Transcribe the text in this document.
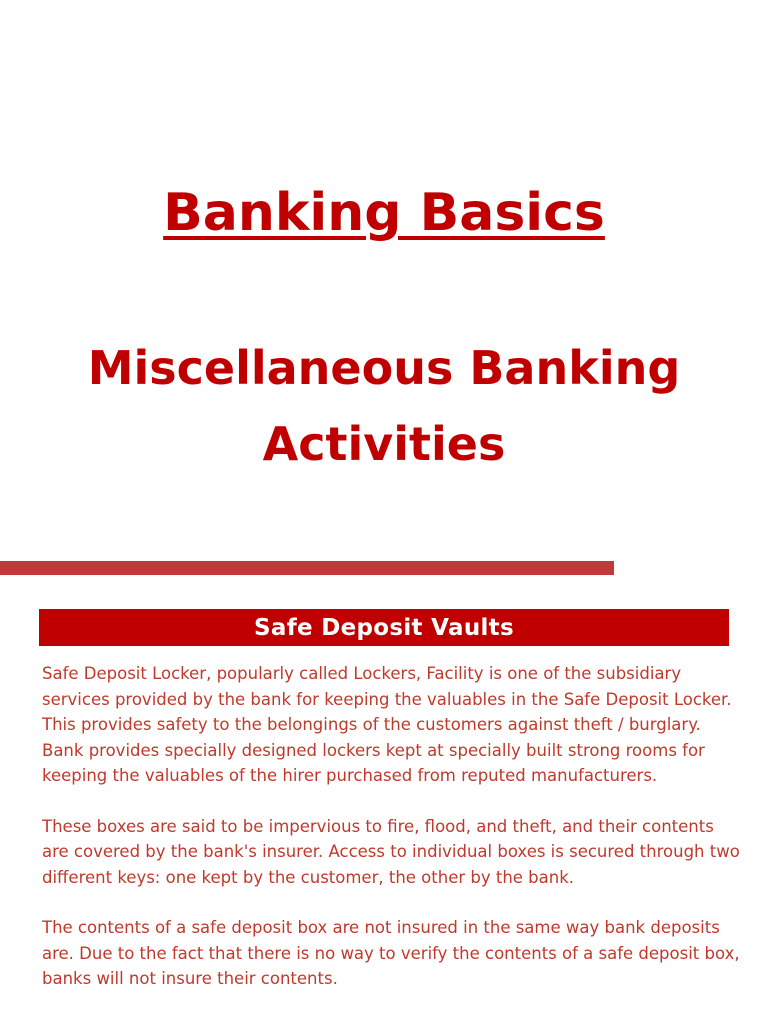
Banking Basics
Miscellaneous Banking Activities
Safe Deposit Vaults

Safe Deposit Locker, popularly called Lockers, Facility is one of the subsidiary services provided by the bank for keeping the valuables in the Safe Deposit Locker. This provides safety to the belongings of the customers against theft / burglary. Bank provides specially designed lockers kept at specially built strong rooms for keeping the valuables of the hirer purchased from reputed manufacturers.

These boxes are said to be impervious to fire, flood, and theft, and their contents are covered by the bank's insurer. Access to individual boxes is secured through two different keys: one kept by the customer, the other by the bank.

The contents of a safe deposit box are not insured in the same way bank deposits are. Due to the fact that there is no way to verify the contents of a safe deposit box, banks will not insure their contents.
